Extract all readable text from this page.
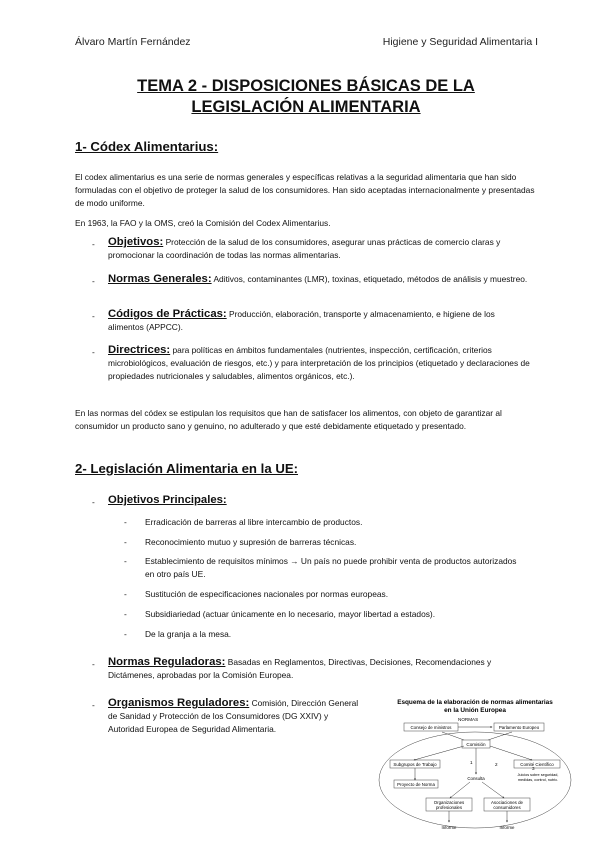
Álvaro Martín Fernández	Higiene y Seguridad Alimentaria I
TEMA 2 - DISPOSICIONES BÁSICAS DE LA
LEGISLACIÓN ALIMENTARIA
1- Códex Alimentarius:

El codex alimentarius es una serie de normas generales y específicas relativas a la seguridad alimentaria que han sido formuladas con el objetivo de proteger la salud de los consumidores. Han sido aceptadas internacionalmente y presentadas de modo uniforme.

En 1963, la FAO y la OMS, creó la Comisión del Codex Alimentarius.

- Objetivos: Protección de la salud de los consumidores, asegurar unas prácticas de comercio claras y promocionar la coordinación de todas las normas alimentarias.
- Normas Generales: Aditivos, contaminantes (LMR), toxinas, etiquetado, métodos de análisis y muestreo.
- Códigos de Prácticas: Producción, elaboración, transporte y almacenamiento, e higiene de los alimentos (APPCC).
- Directrices: para políticas en ámbitos fundamentales (nutrientes, inspección, certificación, criterios microbiológicos, evaluación de riesgos, etc.) y para interpretación de los principios (etiquetado y declaraciones de propiedades nutricionales y saludables, alimentos orgánicos, etc.).

En las normas del códex se estipulan los requisitos que han de satisfacer los alimentos, con objeto de garantizar al consumidor un producto sano y genuino, no adulterado y que esté debidamente etiquetado y presentado.

2- Legislación Alimentaria en la UE:
- Objetivos Principales:
- Erradicación de barreras al libre intercambio de productos.
- Reconocimiento mutuo y supresión de barreras técnicas.
- Establecimiento de requisitos mínimos → Un país no puede prohibir venta de productos autorizados en otro país UE.
- Sustitución de especificaciones nacionales por normas europeas.
- Subsidiariedad (actuar únicamente en lo necesario, mayor libertad a estados).
- De la granja a la mesa.
- Normas Reguladoras: Basadas en Reglamentos, Directivas, Decisiones, Recomendaciones y Dictámenes, aprobadas por la Comisión Europea.
- Organismos Reguladores: Comisión, Dirección General de Sanidad y Protección de los Consumidores (DG XXIV) y Autoridad Europea de Seguridad Alimentaria.
Esquema de la elaboración de normas alimentarias
en la Unión Europea
NORMAS
Consejo de ministros	Parlamento Europeo
Comisión
1	2
3
Subgrupos de Trabajo	Comité Científico
Proyecto de Norma
Juicios sobre seguridad,
medidas, control, nutric.
Consulta
Organizaciones
profesionales
Asociaciones de
consumidores
Informe	Informe
